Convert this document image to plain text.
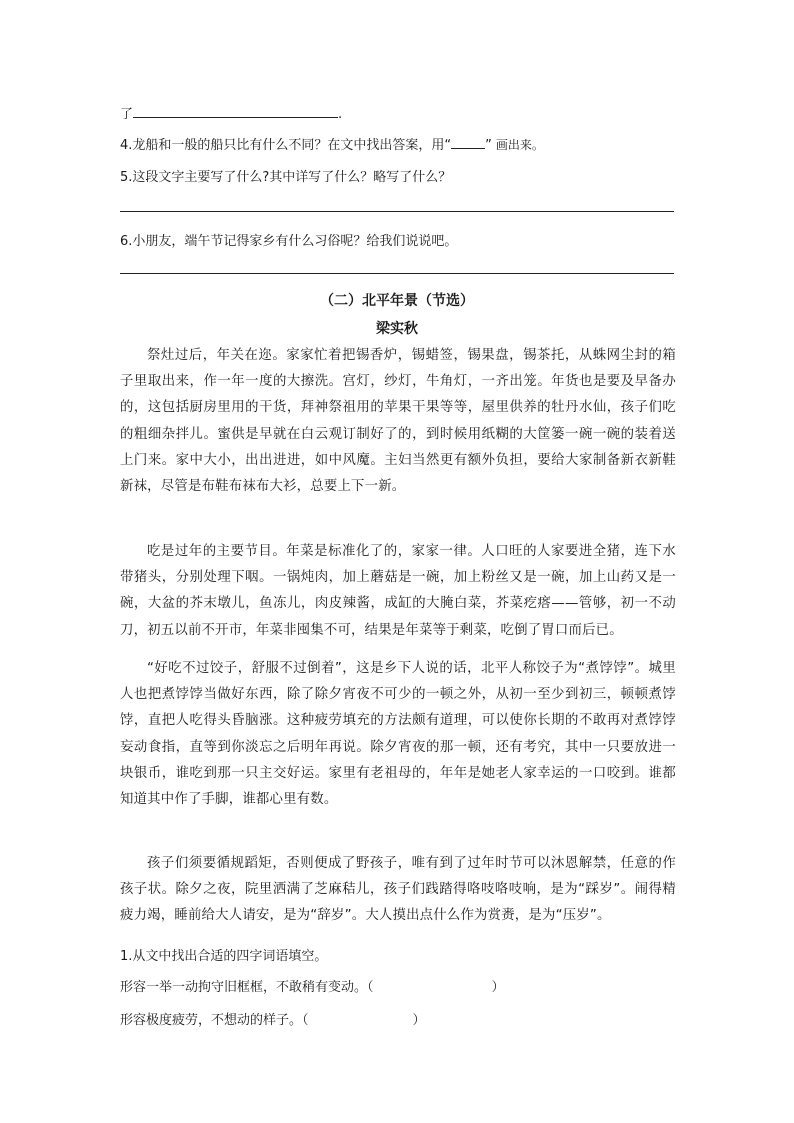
了	.
4.龙船和一般的船只比有什么不同？在文中找出答案，用“	” 画出来。
5.这段文字主要写了什么?其中详写了什么？略写了什么？
6.小朋友，端午节记得家乡有什么习俗呢？给我们说说吧。
（二）北平年景（节选）
梁实秋
祭灶过后，年关在迩。家家忙着把锡香炉，锡蜡签，锡果盘，锡茶托，从蛛网尘封的箱子里取出来，作一年一度的大擦洗。宫灯，纱灯，牛角灯，一齐出笼。年货也是要及早备办的，这包括厨房里用的干货，拜神祭祖用的苹果干果等等，屋里供养的牡丹水仙，孩子们吃的粗细杂拌儿。蜜供是早就在白云观订制好了的，到时候用纸糊的大筐篓一碗一碗的装着送上门来。家中大小，出出进进，如中风魔。主妇当然更有额外负担，要给大家制备新衣新鞋新袜，尽管是布鞋布袜布大衫，总要上下一新。
吃是过年的主要节目。年菜是标准化了的，家家一律。人口旺的人家要进全猪，连下水带猪头，分别处理下咽。一锅炖肉，加上蘑菇是一碗，加上粉丝又是一碗，加上山药又是一碗，大盆的芥末墩儿，鱼冻儿，肉皮辣酱，成缸的大腌白菜，芥菜疙瘩——管够，初一不动刀，初五以前不开市，年菜非囤集不可，结果是年菜等于剩菜，吃倒了胃口而后已。
“好吃不过饺子，舒服不过倒着”，这是乡下人说的话，北平人称饺子为“煮饽饽”。城里人也把煮饽饽当做好东西，除了除夕宵夜不可少的一顿之外，从初一至少到初三，顿顿煮饽饽，直把人吃得头昏脑涨。这种疲劳填充的方法颇有道理，可以使你长期的不敢再对煮饽饽妄动食指，直等到你淡忘之后明年再说。除夕宵夜的那一顿，还有考究，其中一只要放进一块银币，谁吃到那一只主交好运。家里有老祖母的，年年是她老人家幸运的一口咬到。谁都知道其中作了手脚，谁都心里有数。
孩子们须要循规蹈矩，否则便成了野孩子，唯有到了过年时节可以沐恩解禁，任意的作孩子状。除夕之夜，院里洒满了芝麻秸儿，孩子们践踏得咯吱咯吱响，是为“踩岁”。闹得精疲力竭，睡前给大人请安，是为“辞岁”。大人摸出点什么作为赏赉，是为“压岁”。
1.从文中找出合适的四字词语填空。
形容一举一动拘守旧框框，不敢稍有变动。（	）
形容极度疲劳，不想动的样子。（	）
